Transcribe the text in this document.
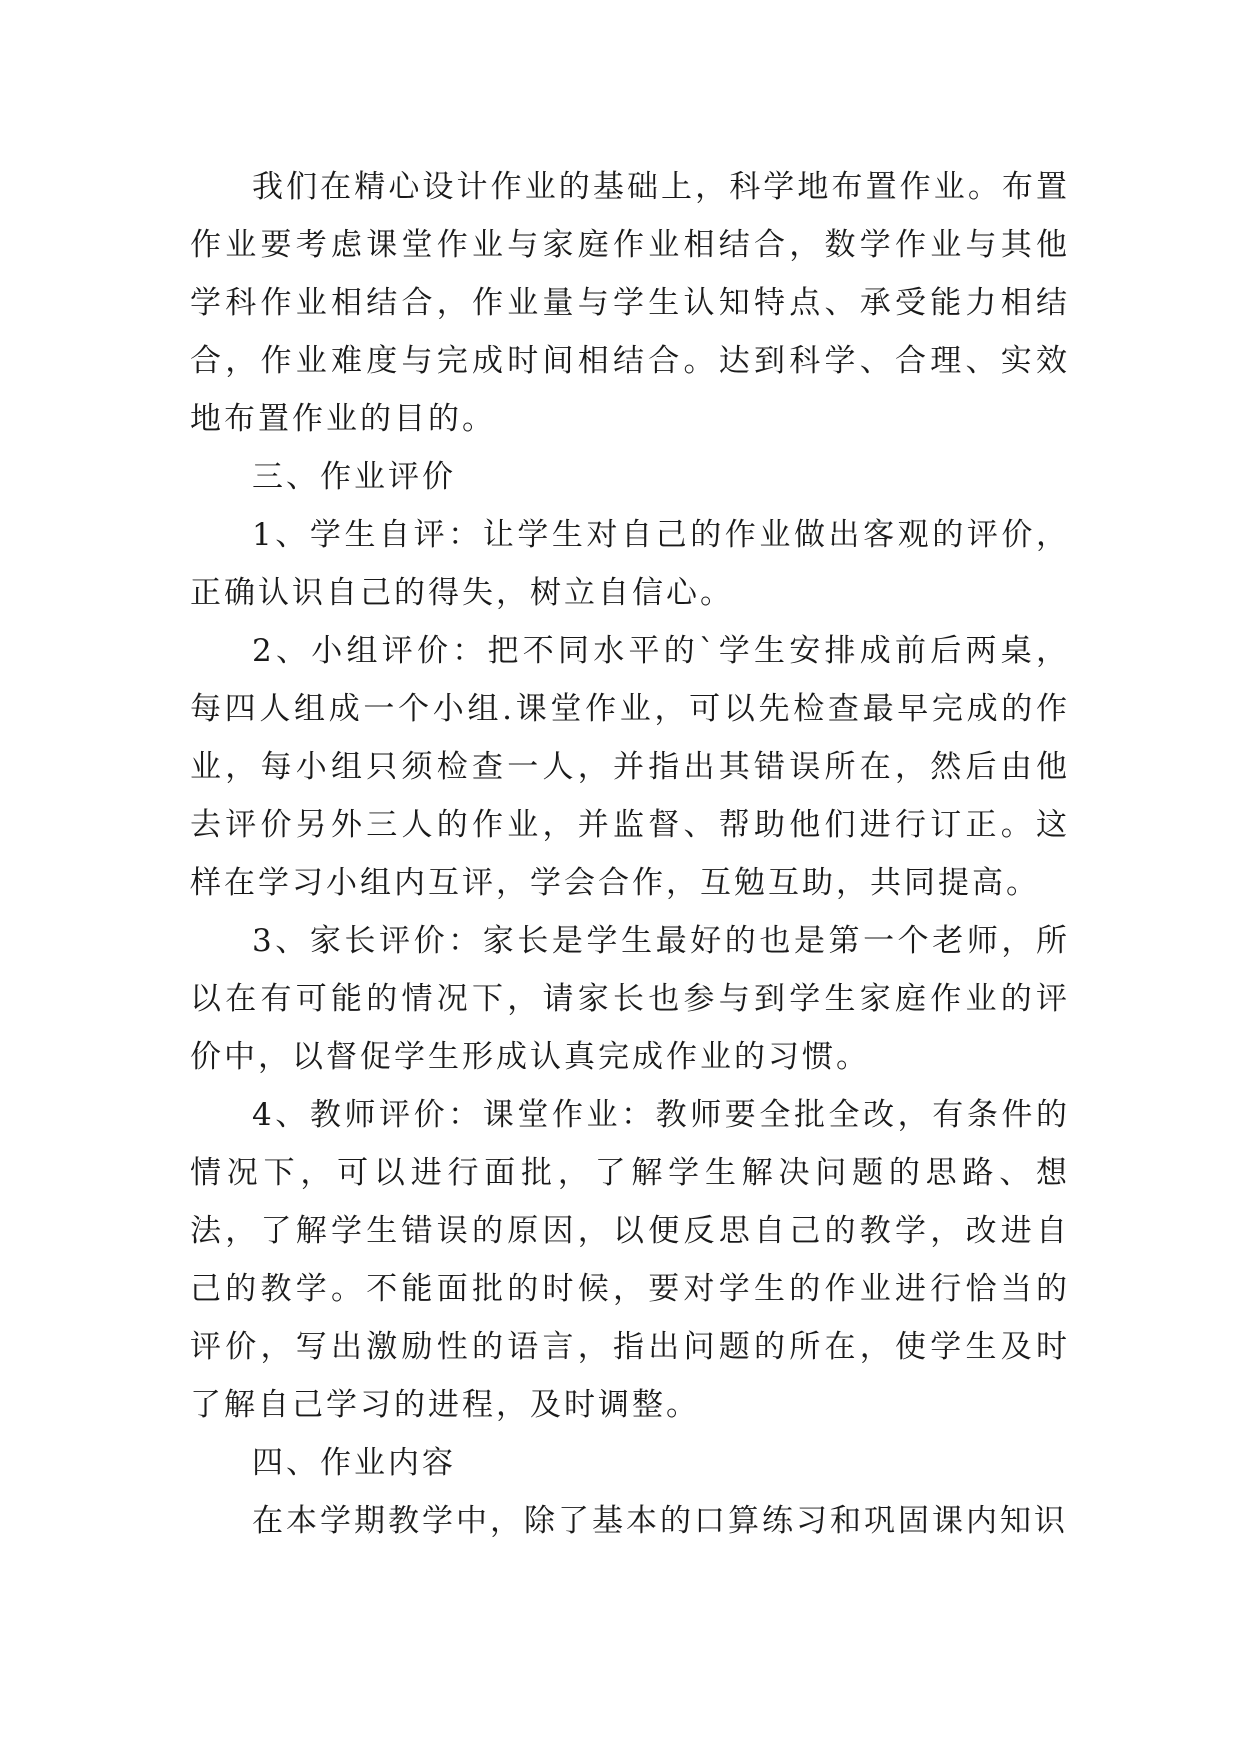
我们在精心设计作业的基础上，科学地布置作业。布置作业要考虑课堂作业与家庭作业相结合，数学作业与其他学科作业相结合，作业量与学生认知特点、承受能力相结合，作业难度与完成时间相结合。达到科学、合理、实效地布置作业的目的。

三、作业评价

1、学生自评：让学生对自己的作业做出客观的评价，正确认识自己的得失，树立自信心。

2、小组评价：把不同水平的`学生安排成前后两桌，每四人组成一个小组.课堂作业，可以先检查最早完成的作业，每小组只须检查一人，并指出其错误所在，然后由他去评价另外三人的作业，并监督、帮助他们进行订正。这样在学习小组内互评，学会合作，互勉互助，共同提高。

3、家长评价：家长是学生最好的也是第一个老师，所以在有可能的情况下，请家长也参与到学生家庭作业的评价中，以督促学生形成认真完成作业的习惯。

4、教师评价：课堂作业：教师要全批全改，有条件的情况下，可以进行面批，了解学生解决问题的思路、想法，了解学生错误的原因，以便反思自己的教学，改进自己的教学。不能面批的时候，要对学生的作业进行恰当的评价，写出激励性的语言，指出问题的所在，使学生及时了解自己学习的进程，及时调整。

四、作业内容

在本学期教学中，除了基本的口算练习和巩固课内知识
